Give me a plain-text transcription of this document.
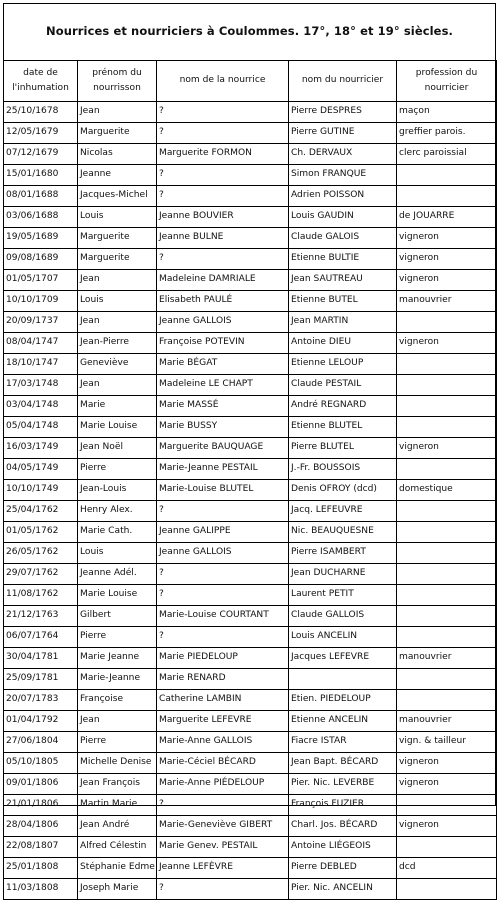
Nourrices et nourriciers à Coulommes. 17°, 18° et 19° siècles.
date de l'inhumation	prénom du nourrisson	nom de la nourrice	nom du nourricier	profession du nourricier
25/10/1678	Jean	?	Pierre DESPRES	maçon
12/05/1679	Marguerite	?	Pierre GUTINE	greffier parois.
07/12/1679	Nicolas	Marguerite FORMON	Ch. DERVAUX	clerc paroissial
15/01/1680	Jeanne	?	Simon FRANQUE	
08/01/1688	Jacques-Michel	?	Adrien POISSON	
03/06/1688	Louis	Jeanne BOUVIER	Louis GAUDIN	de JOUARRE
19/05/1689	Marguerite	Jeanne BULNE	Claude GALOIS	vigneron
09/08/1689	Marguerite	?	Etienne BULTIE	vigneron
01/05/1707	Jean	Madeleine DAMRIALE	Jean SAUTREAU	vigneron
10/10/1709	Louis	Elisabeth PAULÉ	Etienne BUTEL	manouvrier
20/09/1737	Jean	Jeanne GALLOIS	Jean MARTIN	
08/04/1747	Jean-Pierre	Françoise POTEVIN	Antoine DIEU	vigneron
18/10/1747	Geneviève	Marie BÉGAT	Etienne LELOUP	
17/03/1748	Jean	Madeleine LE CHAPT	Claude PESTAIL	
03/04/1748	Marie	Marie MASSÉ	André REGNARD	
05/04/1748	Marie Louise	Marie BUSSY	Etienne BLUTEL	
16/03/1749	Jean Noël	Marguerite BAUQUAGE	Pierre BLUTEL	vigneron
04/05/1749	Pierre	Marie-Jeanne PESTAIL	J.-Fr. BOUSSOIS	
10/10/1749	Jean-Louis	Marie-Louise BLUTEL	Denis OFROY (dcd)	domestique
25/04/1762	Henry Alex.	?	Jacq. LEFEUVRE	
01/05/1762	Marie Cath.	Jeanne GALIPPE	Nic. BEAUQUESNE	
26/05/1762	Louis	Jeanne GALLOIS	Pierre ISAMBERT	
29/07/1762	Jeanne Adél.	?	Jean DUCHARNE	
11/08/1762	Marie Louise	?	Laurent PETIT	
21/12/1763	Gilbert	Marie-Louise COURTANT	Claude GALLOIS	
06/07/1764	Pierre	?	Louis ANCELIN	
30/04/1781	Marie Jeanne	Marie PIEDELOUP	Jacques LEFEVRE	manouvrier
25/09/1781	Marie-Jeanne	Marie RENARD		
20/07/1783	Françoise	Catherine LAMBIN	Etien. PIEDELOUP	
01/04/1792	Jean	Marguerite LEFEVRE	Etienne ANCELIN	manouvrier
27/06/1804	Pierre	Marie-Anne GALLOIS	Fiacre ISTAR	vign. & tailleur
05/10/1805	Michelle Denise	Marie-Céciel BÉCARD	Jean Bapt. BÉCARD	vigneron
09/01/1806	Jean François	Marie-Anne PIÉDELOUP	Pier. Nic. LEVERBE	vigneron
21/01/1806	Martin Marie	?	François FUZIER	
28/04/1806	Jean André	Marie-Geneviève GIBERT	Charl. Jos. BÉCARD	vigneron
22/08/1807	Alfred Célestin	Marie Genev. PESTAIL	Antoine LIÉGEOIS	
25/01/1808	Stéphanie Edme	Jeanne LEFÈVRE	Pierre DEBLED	dcd
11/03/1808	Joseph Marie	?	Pier. Nic. ANCELIN	
